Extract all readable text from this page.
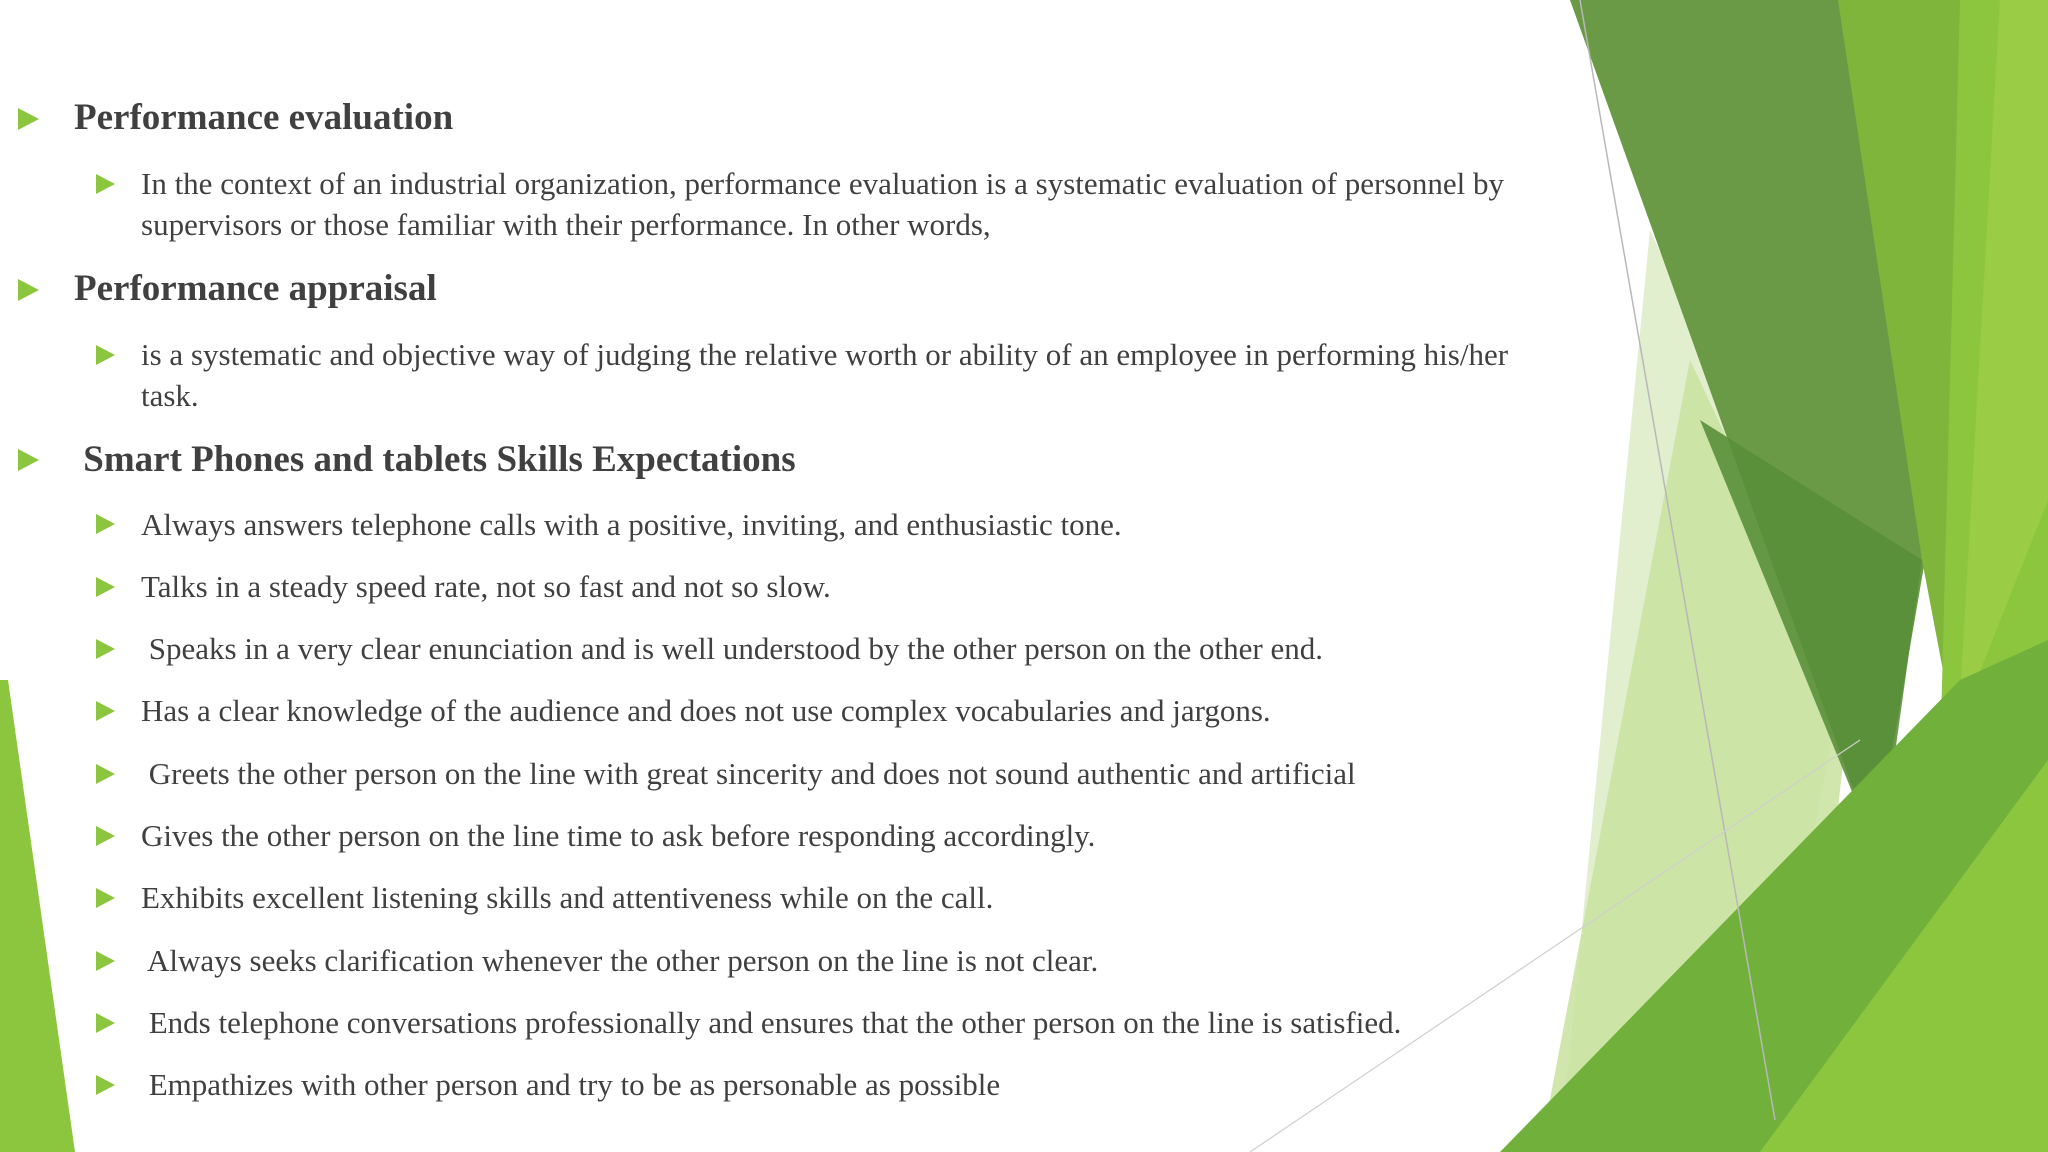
Performance evaluation

In the context of an industrial organization, performance evaluation is a systematic evaluation of personnel by

supervisors or those familiar with their performance. In other words,

Performance appraisal

is a systematic and objective way of judging the relative worth or ability of an employee in performing his/her

task.

Smart Phones and tablets Skills Expectations

Always answers telephone calls with a positive, inviting, and enthusiastic tone.

Talks in a steady speed rate, not so fast and not so slow.

Speaks in a very clear enunciation and is well understood by the other person on the other end.

Has a clear knowledge of the audience and does not use complex vocabularies and jargons.

Greets the other person on the line with great sincerity and does not sound authentic and artificial

Gives the other person on the line time to ask before responding accordingly.

Exhibits excellent listening skills and attentiveness while on the call.

Always seeks clarification whenever the other person on the line is not clear.

Ends telephone conversations professionally and ensures that the other person on the line is satisfied.

Empathizes with other person and try to be as personable as possible
